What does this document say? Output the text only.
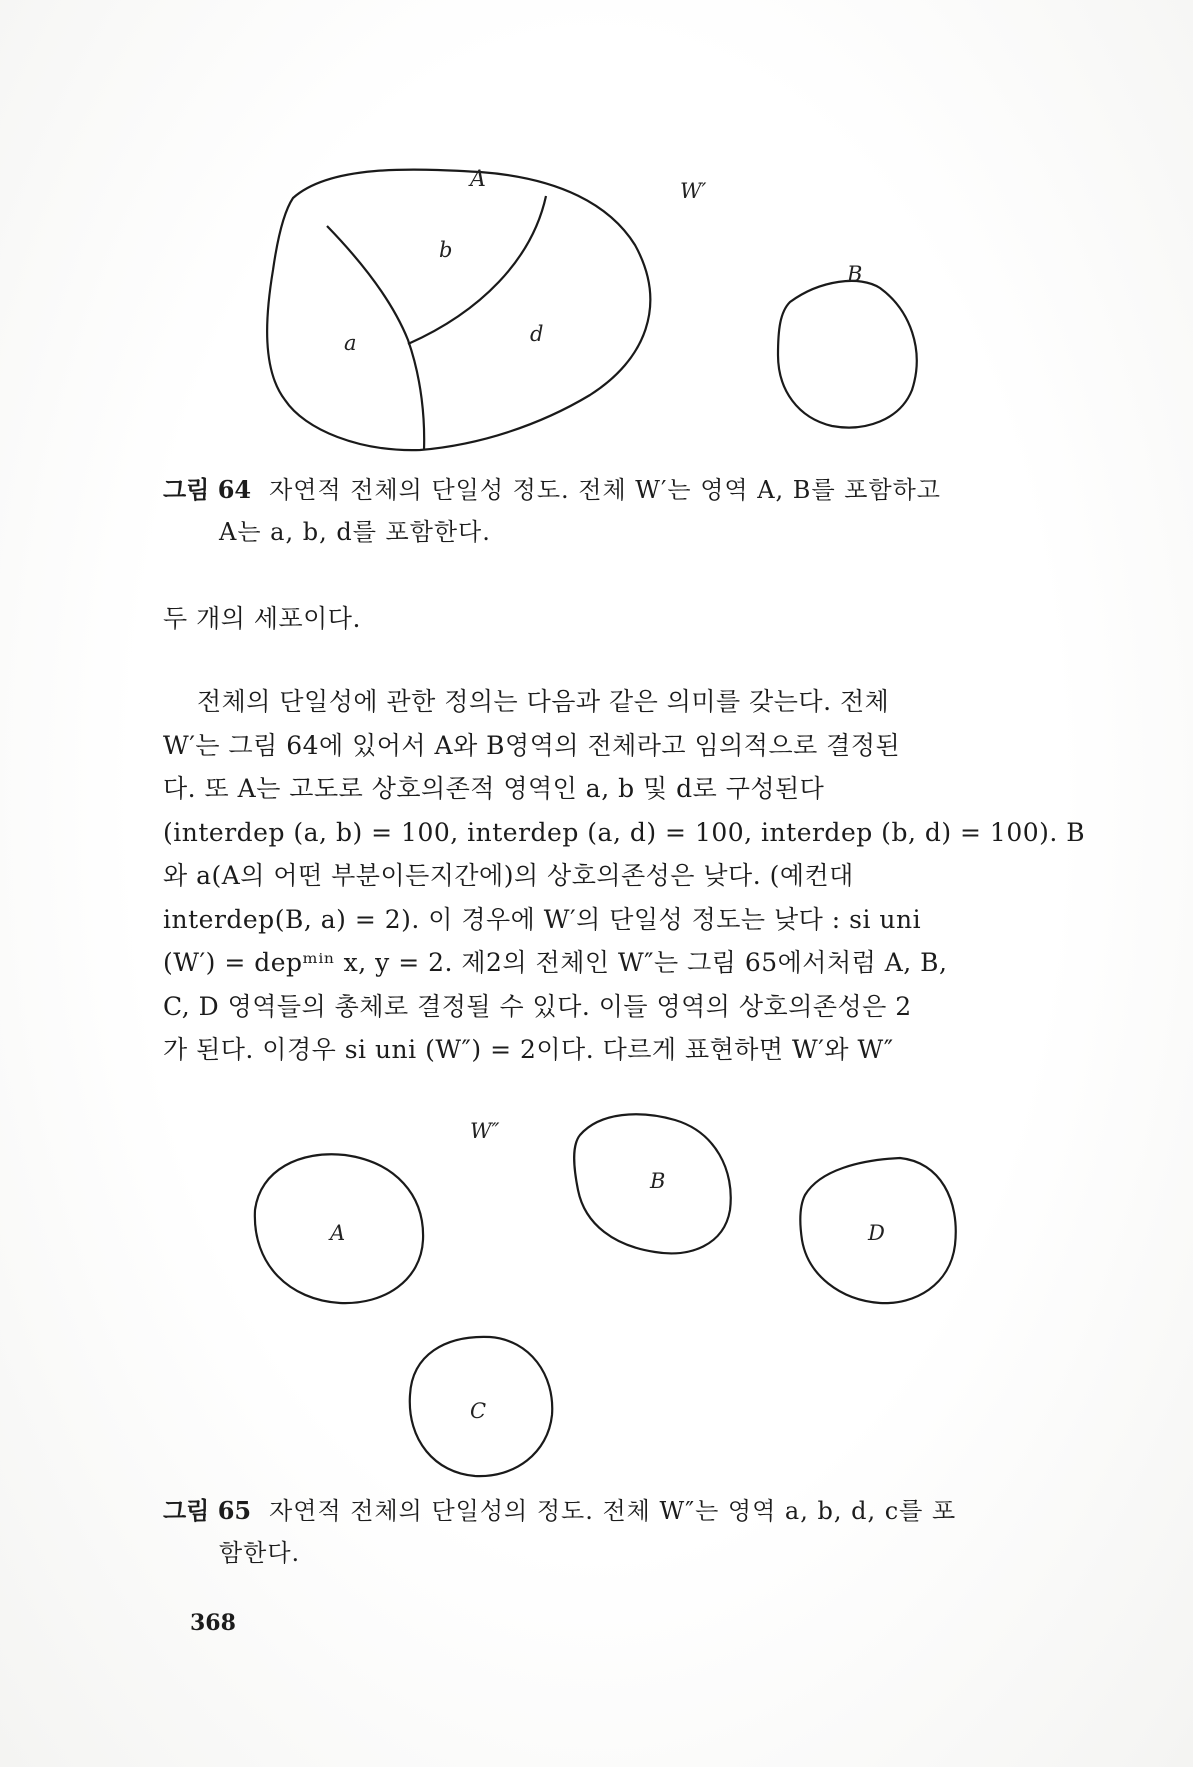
A	W′
b
a	d
B
그림 64 자연적 전체의 단일성 정도. 전체 W′는 영역 A, B를 포함하고
A는 a, b, d를 포함한다.
두 개의 세포이다.
전체의 단일성에 관한 정의는 다음과 같은 의미를 갖는다. 전체
W′는 그림 64에 있어서 A와 B영역의 전체라고 임의적으로 결정된
다. 또 A는 고도로 상호의존적 영역인 a, b 및 d로 구성된다
(interdep (a, b) = 100, interdep (a, d) = 100, interdep (b, d) = 100). B
와 a(A의 어떤 부분이든지간에)의 상호의존성은 낮다. (예컨대
interdep(B, a) = 2). 이 경우에 W′의 단일성 정도는 낮다 : si uni
(W′) = depᵐⁱⁿ x, y = 2. 제2의 전체인 W″는 그림 65에서처럼 A, B,
C, D 영역들의 총체로 결정될 수 있다. 이들 영역의 상호의존성은 2
가 된다. 이경우 si uni (W″) = 2이다. 다르게 표현하면 W′와 W″
W″
A
B
C
D
그림 65 자연적 전체의 단일성의 정도. 전체 W″는 영역 a, b, d, c를 포
함한다.
368
